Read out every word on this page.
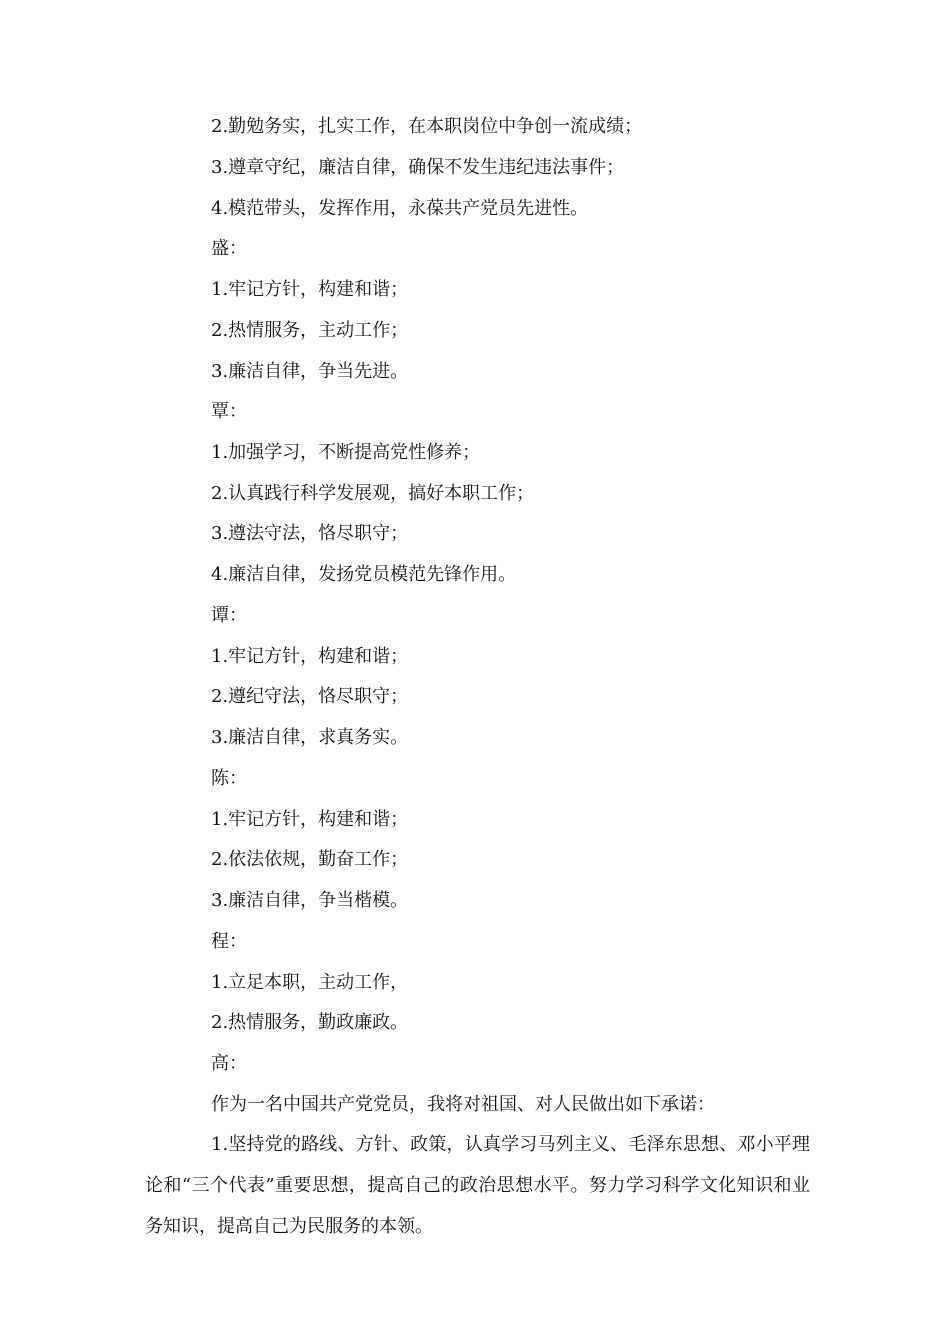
2.勤勉务实，扎实工作，在本职岗位中争创一流成绩；
3.遵章守纪，廉洁自律，确保不发生违纪违法事件；
4.模范带头，发挥作用，永葆共产党员先进性。
盛：
1.牢记方针，构建和谐；
2.热情服务，主动工作；
3.廉洁自律，争当先进。
覃：
1.加强学习，不断提高党性修养；
2.认真践行科学发展观，搞好本职工作；
3.遵法守法，恪尽职守；
4.廉洁自律，发扬党员模范先锋作用。
谭：
1.牢记方针，构建和谐；
2.遵纪守法，恪尽职守；
3.廉洁自律，求真务实。
陈：
1.牢记方针，构建和谐；
2.依法依规，勤奋工作；
3.廉洁自律，争当楷模。
程：
1.立足本职，主动工作，
2.热情服务，勤政廉政。
高：
作为一名中国共产党党员，我将对祖国、对人民做出如下承诺：
1.坚持党的路线、方针、政策，认真学习马列主义、毛泽东思想、邓小平理论和“三个代表”重要思想，提高自己的政治思想水平。努力学习科学文化知识和业务知识，提高自己为民服务的本领。
